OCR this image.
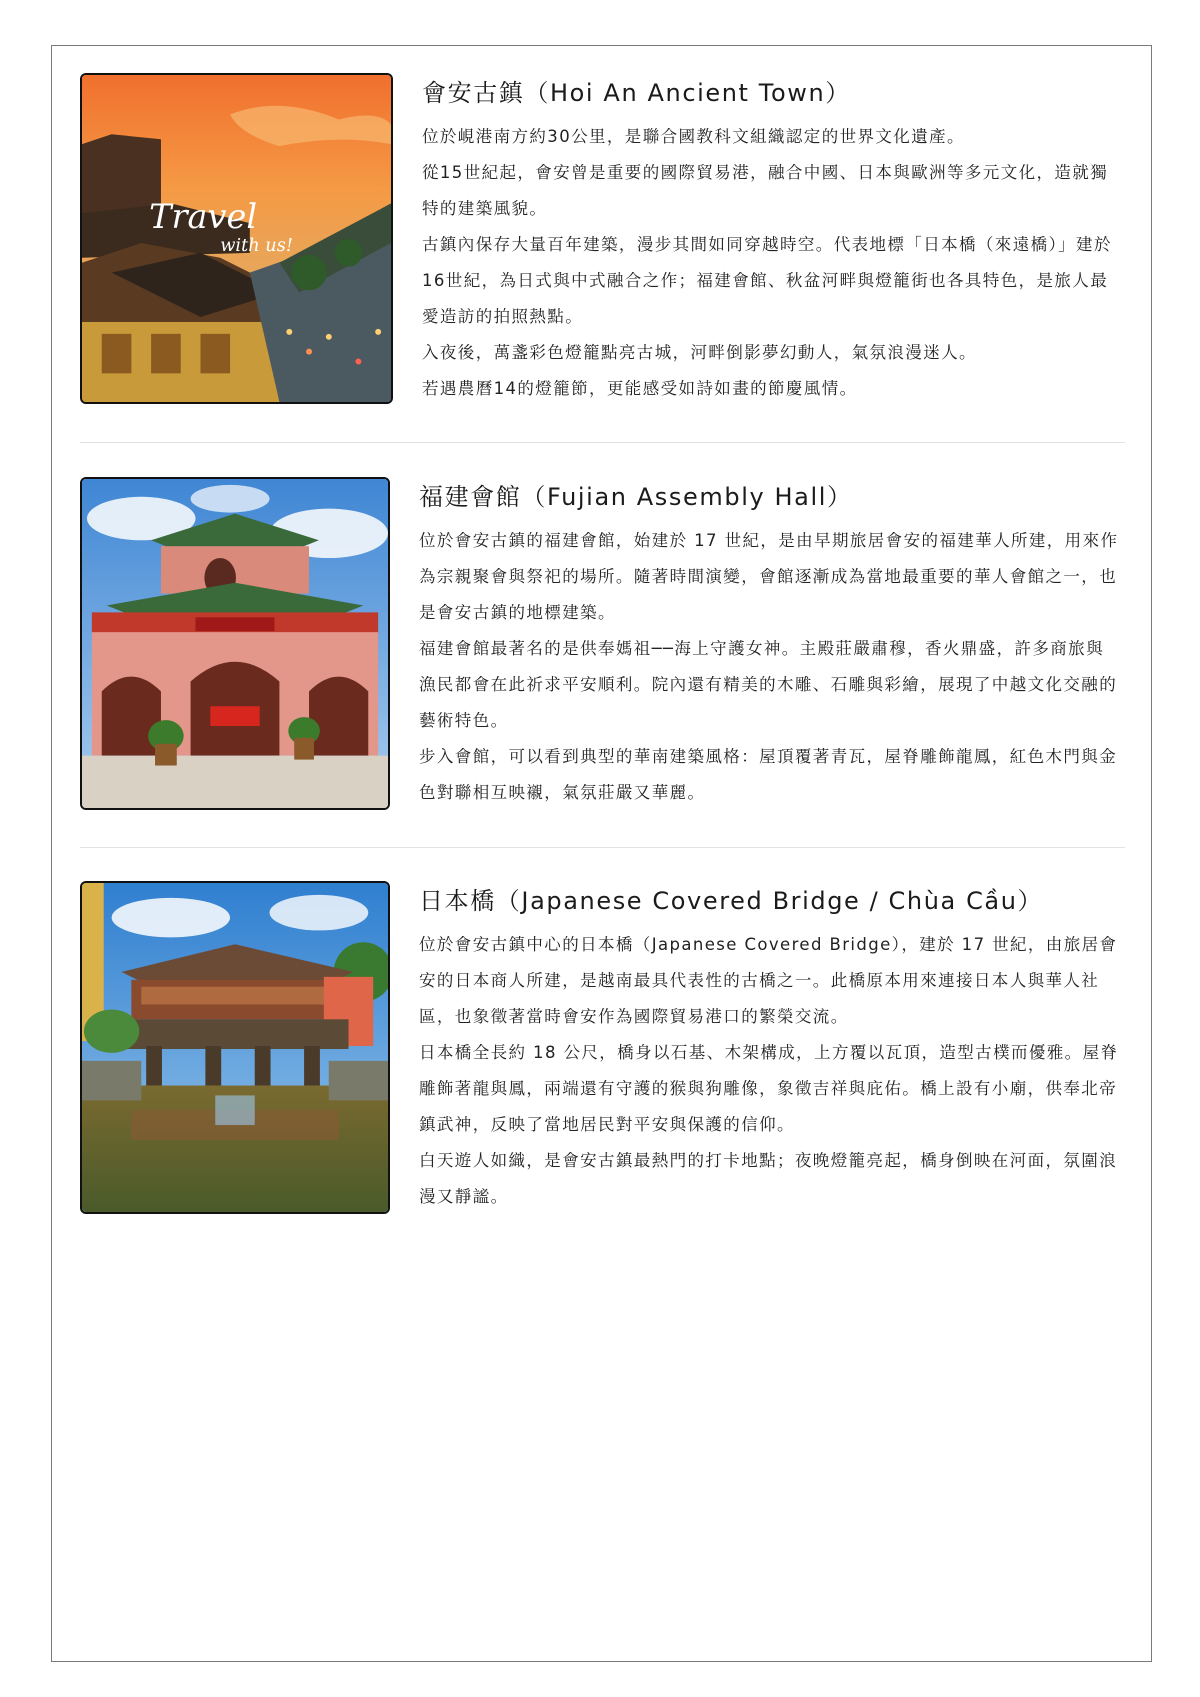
Travel
with us!
會安古鎮（Hoi An Ancient Town）

位於峴港南方約30公里，是聯合國教科文組織認定的世界文化遺產。

從15世紀起，會安曾是重要的國際貿易港，融合中國、日本與歐洲等多元文化，造就獨特的建築風貌。

古鎮內保存大量百年建築，漫步其間如同穿越時空。代表地標「日本橋（來遠橋）」建於16世紀，為日式與中式融合之作；福建會館、秋盆河畔與燈籠街也各具特色，是旅人最愛造訪的拍照熱點。

入夜後，萬盞彩色燈籠點亮古城，河畔倒影夢幻動人，氣氛浪漫迷人。

若遇農曆14的燈籠節，更能感受如詩如畫的節慶風情。

福建會館（Fujian Assembly Hall）

位於會安古鎮的福建會館，始建於 17 世紀，是由早期旅居會安的福建華人所建，用來作為宗親聚會與祭祀的場所。隨著時間演變，會館逐漸成為當地最重要的華人會館之一，也是會安古鎮的地標建築。

福建會館最著名的是供奉媽祖──海上守護女神。主殿莊嚴肅穆，香火鼎盛，許多商旅與漁民都會在此祈求平安順利。院內還有精美的木雕、石雕與彩繪，展現了中越文化交融的藝術特色。

步入會館，可以看到典型的華南建築風格：屋頂覆著青瓦，屋脊雕飾龍鳳，紅色木門與金色對聯相互映襯，氣氛莊嚴又華麗。

日本橋（Japanese Covered Bridge / Chùa Cầu）

位於會安古鎮中心的日本橋（Japanese Covered Bridge），建於 17 世紀，由旅居會安的日本商人所建，是越南最具代表性的古橋之一。此橋原本用來連接日本人與華人社區，也象徵著當時會安作為國際貿易港口的繁榮交流。

日本橋全長約 18 公尺，橋身以石基、木架構成，上方覆以瓦頂，造型古樸而優雅。屋脊雕飾著龍與鳳，兩端還有守護的猴與狗雕像，象徵吉祥與庇佑。橋上設有小廟，供奉北帝鎮武神，反映了當地居民對平安與保護的信仰。

白天遊人如織，是會安古鎮最熱門的打卡地點；夜晚燈籠亮起，橋身倒映在河面，氛圍浪漫又靜謐。
